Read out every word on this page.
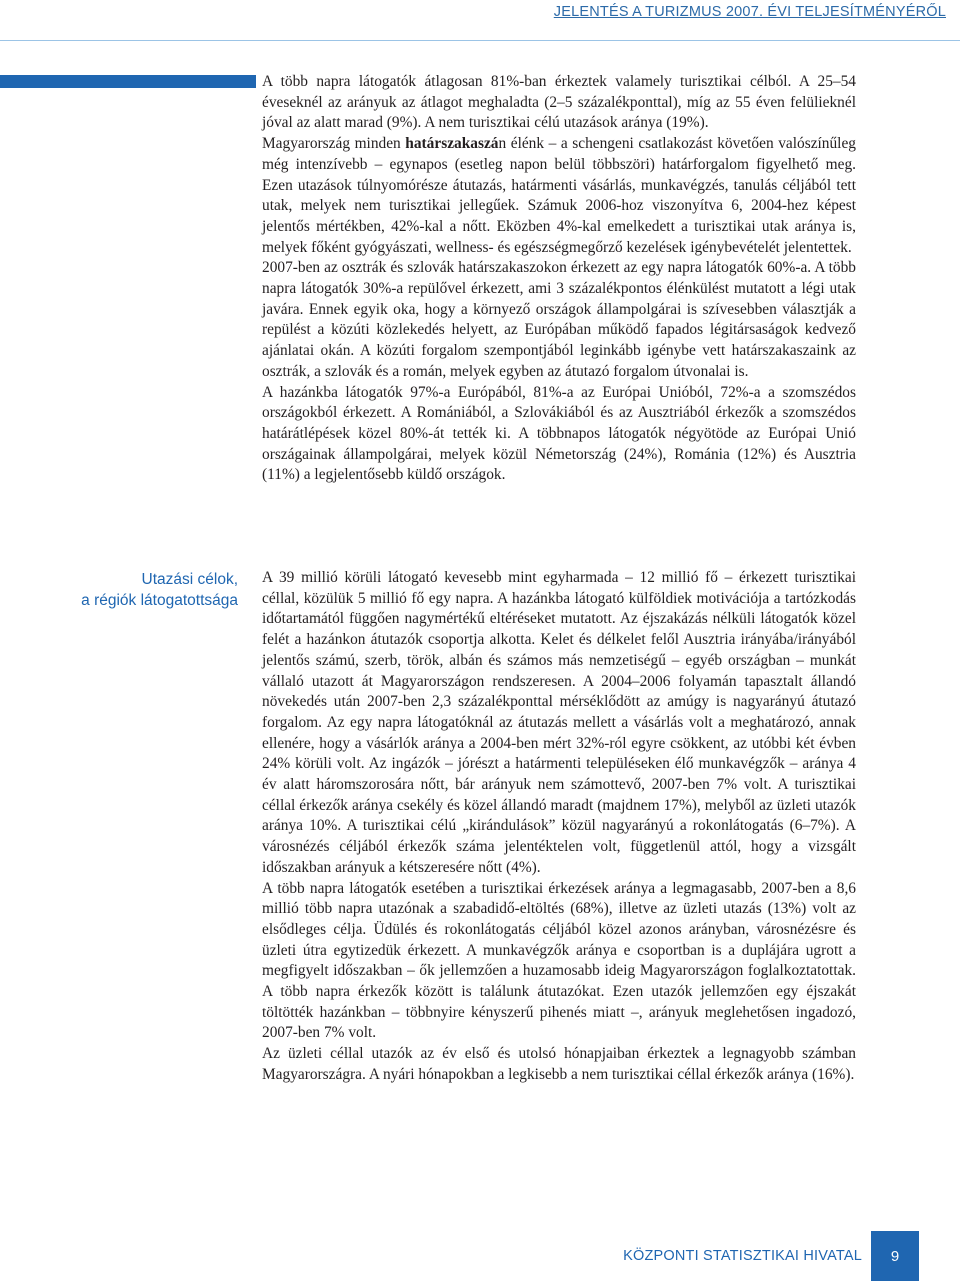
JELENTÉS A TURIZMUS 2007. ÉVI TELJESÍTMÉNYÉRŐL

A több napra látogatók átlagosan 81%-ban érkeztek valamely turisztikai célból. A 25–54 éveseknél az arányuk az átlagot meghaladta (2–5 százalékponttal), míg az 55 éven felülieknél jóval az alatt marad (9%). A nem turisztikai célú utazások aránya (19%).

Magyarország minden határszakaszán élénk – a schengeni csatlakozást követően valószínűleg még intenzívebb – egynapos (esetleg napon belül többszöri) határforgalom figyelhető meg. Ezen utazások túlnyomórésze átutazás, határmenti vásárlás, munkavégzés, tanulás céljából tett utak, melyek nem turisztikai jellegűek. Számuk 2006-hoz viszonyítva 6, 2004-hez képest jelentős mértékben, 42%-kal a nőtt. Eközben 4%-kal emelkedett a turisztikai utak aránya is, melyek főként gyógyászati, wellness- és egészségmegőrző kezelések igénybevételét jelentettek.

2007-ben az osztrák és szlovák határszakaszokon érkezett az egy napra látogatók 60%-a. A több napra látogatók 30%-a repülővel érkezett, ami 3 százalékpontos élénkülést mutatott a légi utak javára. Ennek egyik oka, hogy a környező országok állampolgárai is szívesebben választják a repülést a közúti közlekedés helyett, az Európában működő fapados légitársaságok kedvező ajánlatai okán. A közúti forgalom szempontjából leginkább igénybe vett határszakaszaink az osztrák, a szlovák és a román, melyek egyben az átutazó forgalom útvonalai is.

A hazánkba látogatók 97%-a Európából, 81%-a az Európai Unióból, 72%-a a szomszédos országokból érkezett. A Romániából, a Szlovákiából és az Ausztriából érkezők a szomszédos határátlépések közel 80%-át tették ki. A többnapos látogatók négyötöde az Európai Unió országainak állampolgárai, melyek közül Németország (24%), Románia (12%) és Ausztria (11%) a legjelentősebb küldő országok.

Utazási célok,
a régiók látogatottsága

A 39 millió körüli látogató kevesebb mint egyharmada – 12 millió fő – érkezett turisztikai céllal, közülük 5 millió fő egy napra. A hazánkba látogató külföldiek motivációja a tartózkodás időtartamától függően nagymértékű eltéréseket mutatott. Az éjszakázás nélküli látogatók közel felét a hazánkon átutazók csoportja alkotta. Kelet és délkelet felől Ausztria irányába/irányából jelentős számú, szerb, török, albán és számos más nemzetiségű – egyéb országban – munkát vállaló utazott át Magyarországon rendszeresen. A 2004–2006 folyamán tapasztalt állandó növekedés után 2007-ben 2,3 százalékponttal mérséklődött az amúgy is nagyarányú átutazó forgalom. Az egy napra látogatóknál az átutazás mellett a vásárlás volt a meghatározó, annak ellenére, hogy a vásárlók aránya a 2004-ben mért 32%-ról egyre csökkent, az utóbbi két évben 24% körüli volt. Az ingázók – jórészt a határmenti településeken élő munkavégzők – aránya 4 év alatt háromszorosára nőtt, bár arányuk nem számottevő, 2007-ben 7% volt. A turisztikai céllal érkezők aránya csekély és közel állandó maradt (majdnem 17%), melyből az üzleti utazók aránya 10%. A turisztikai célú „kirándulások” közül nagyarányú a rokonlátogatás (6–7%). A városnézés céljából érkezők száma jelentéktelen volt, függetlenül attól, hogy a vizsgált időszakban arányuk a kétszeresére nőtt (4%).

A több napra látogatók esetében a turisztikai érkezések aránya a legmagasabb, 2007-ben a 8,6 millió több napra utazónak a szabadidő-eltöltés (68%), illetve az üzleti utazás (13%) volt az elsődleges célja. Üdülés és rokonlátogatás céljából közel azonos arányban, városnézésre és üzleti útra egytizedük érkezett. A munkavégzők aránya e csoportban is a duplájára ugrott a megfigyelt időszakban – ők jellemzően a huzamosabb ideig Magyarországon foglalkoztatottak. A több napra érkezők között is találunk átutazókat. Ezen utazók jellemzően egy éjszakát töltötték hazánkban – többnyire kényszerű pihenés miatt –, arányuk meglehetősen ingadozó, 2007-ben 7% volt.

Az üzleti céllal utazók az év első és utolsó hónapjaiban érkeztek a legnagyobb számban Magyarországra. A nyári hónapokban a legkisebb a nem turisztikai céllal érkezők aránya (16%).

KÖZPONTI STATISZTIKAI HIVATAL	9
